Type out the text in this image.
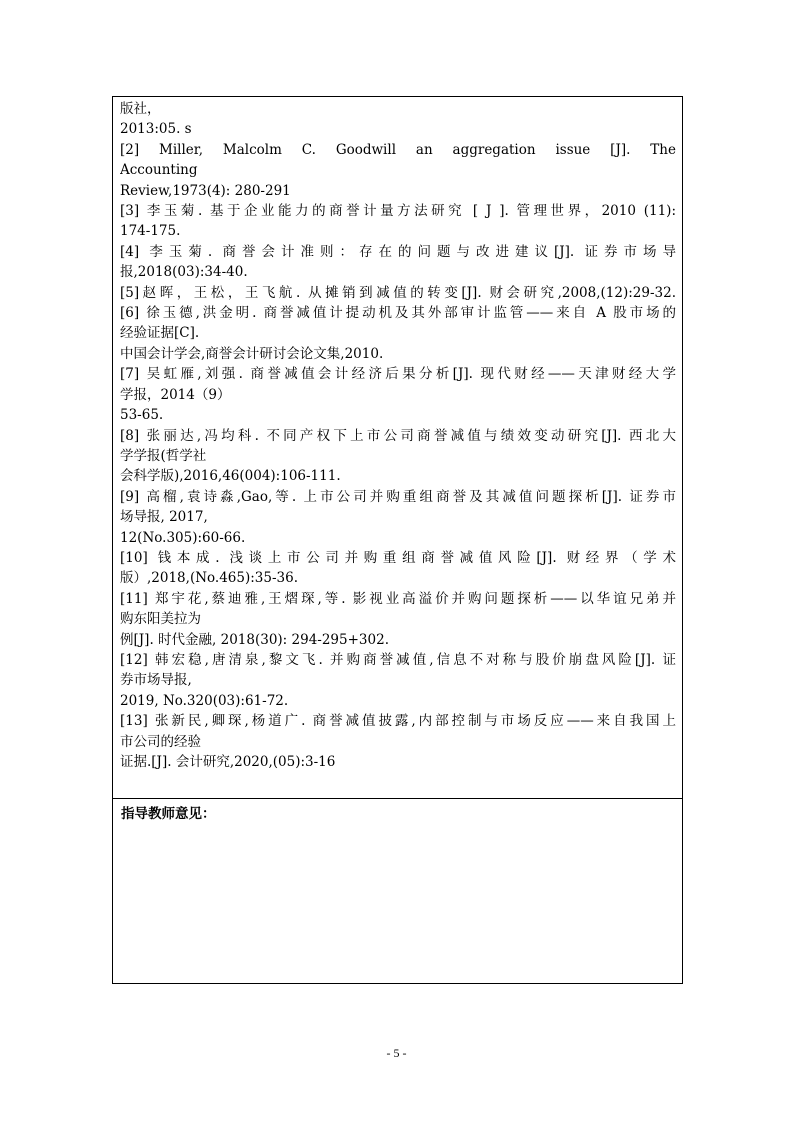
版社，
2013:05. s
[2] Miller, Malcolm C. Goodwill an aggregation issue [J]. The
Accounting
Review,1973(4): 280-291
[3] 李玉菊. 基于企业能力的商誉计量方法研究 [ J ]. 管理世界，2010 (11):
174-175.
[4] 李玉菊. 商誉会计准则：存在的问题与改进建议[J]. 证券市场导
报,2018(03):34-40.
[5]赵晖，王松，王飞航. 从摊销到减值的转变[J]. 财会研究,2008,(12):29-32.
[6] 徐玉德,洪金明. 商誉减值计提动机及其外部审计监管——来自 A 股市场的
经验证据[C].
中国会计学会,商誉会计研讨会论文集,2010.
[7] 吴虹雁,刘强. 商誉减值会计经济后果分析[J]. 现代财经——天津财经大学
学报，2014（9）
53-65.
[8] 张丽达,冯均科. 不同产权下上市公司商誉减值与绩效变动研究[J]. 西北大
学学报(哲学社
会科学版),2016,46(004):106-111.
[9] 高榴,袁诗淼,Gao,等. 上市公司并购重组商誉及其减值问题探析[J]. 证券市
场导报, 2017,
12(No.305):60-66.
[10] 钱本成. 浅谈上市公司并购重组商誉减值风险[J]. 财经界（学术
版）,2018,(No.465):35-36.
[11] 郑宇花,蔡迪雅,王熠琛,等. 影视业高溢价并购问题探析——以华谊兄弟并
购东阳美拉为
例[J]. 时代金融, 2018(30): 294-295+302.
[12] 韩宏稳,唐清泉,黎文飞. 并购商誉减值,信息不对称与股价崩盘风险[J]. 证
券市场导报,
2019, No.320(03):61-72.
[13] 张新民,卿琛,杨道广. 商誉减值披露,内部控制与市场反应——来自我国上
市公司的经验
证据.[J]. 会计研究,2020,(05):3-16
指导教师意见：
- 5 -
